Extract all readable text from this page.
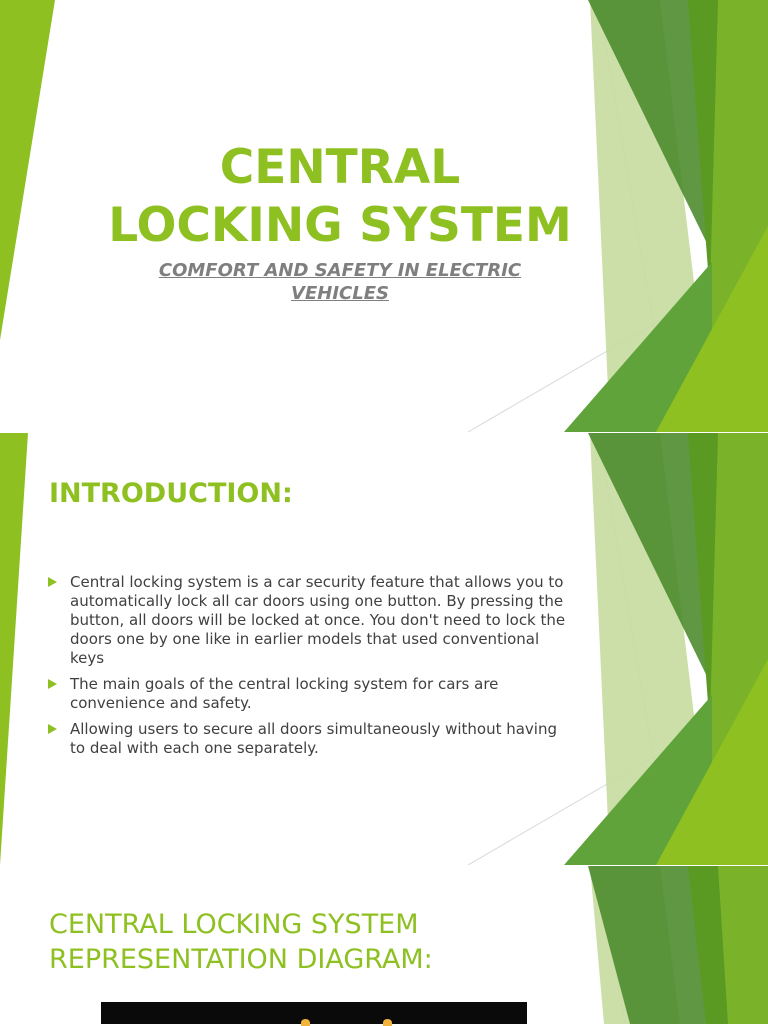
CENTRAL
LOCKING SYSTEM
COMFORT AND SAFETY IN ELECTRIC
VEHICLES
INTRODUCTION:
Central locking system is a car security feature that allows you to automatically lock all car doors using one button. By pressing the button, all doors will be locked at once. You don't need to lock the doors one by one like in earlier models that used conventional keys
The main goals of the central locking system for cars are convenience and safety.
Allowing users to secure all doors simultaneously without having to deal with each one separately.
CENTRAL LOCKING SYSTEM
REPRESENTATION DIAGRAM:
